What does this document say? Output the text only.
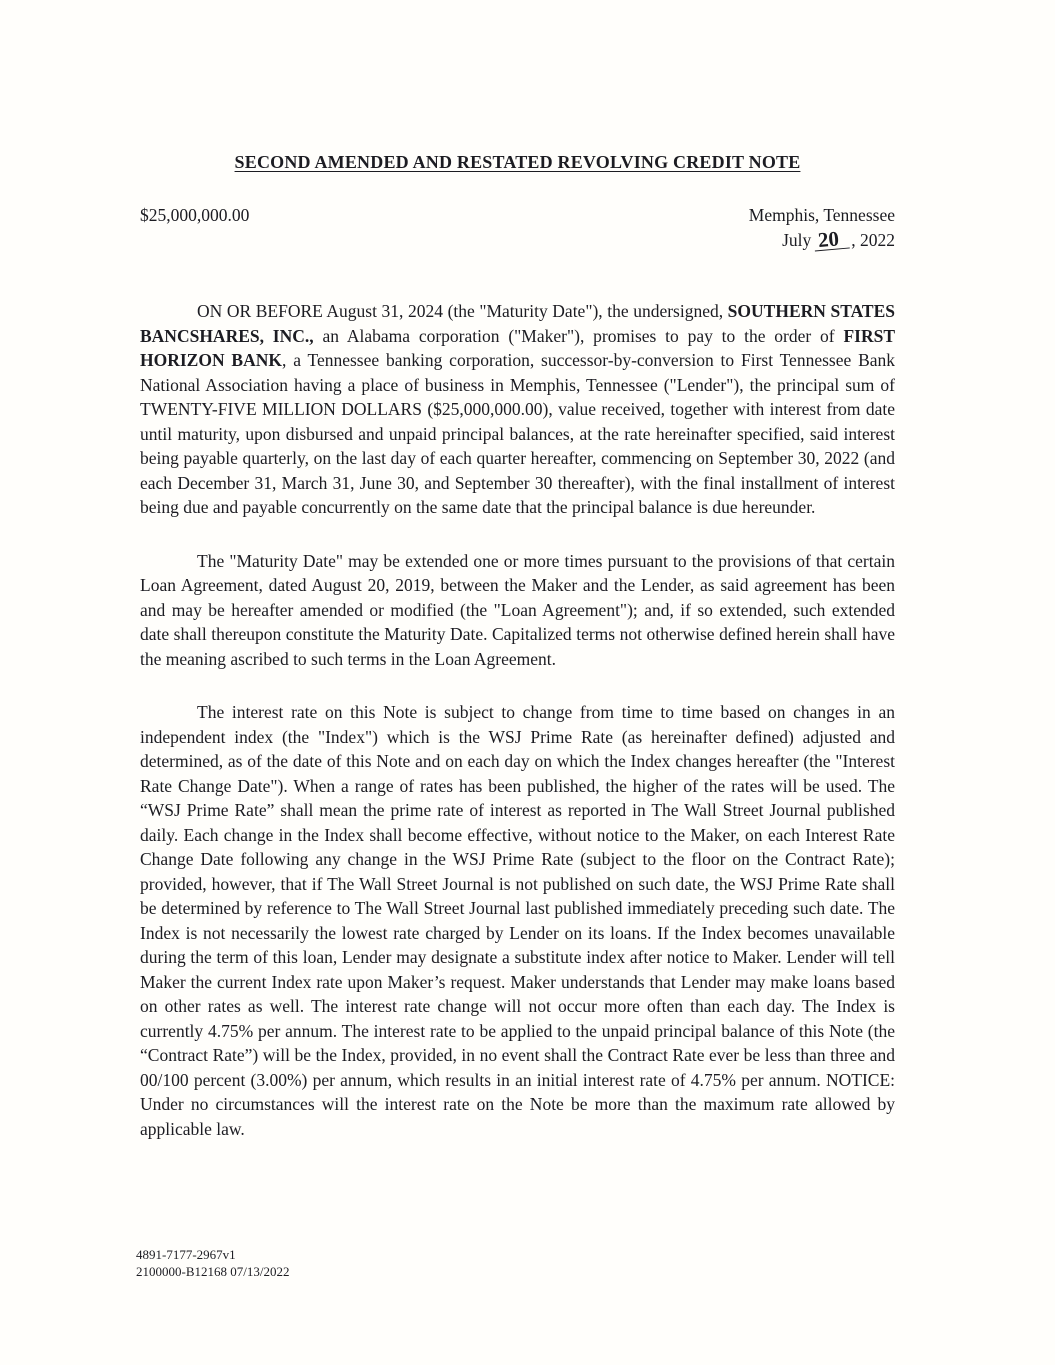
SECOND AMENDED AND RESTATED REVOLVING CREDIT NOTE
$25,000,000.00	Memphis, Tennessee
July 20 , 2022

ON OR BEFORE August 31, 2024 (the "Maturity Date"), the undersigned, SOUTHERN STATES BANCSHARES, INC., an Alabama corporation ("Maker"), promises to pay to the order of FIRST HORIZON BANK, a Tennessee banking corporation, successor-by-conversion to First Tennessee Bank National Association having a place of business in Memphis, Tennessee ("Lender"), the principal sum of TWENTY-FIVE MILLION DOLLARS ($25,000,000.00), value received, together with interest from date until maturity, upon disbursed and unpaid principal balances, at the rate hereinafter specified, said interest being payable quarterly, on the last day of each quarter hereafter, commencing on September 30, 2022 (and each December 31, March 31, June 30, and September 30 thereafter), with the final installment of interest being due and payable concurrently on the same date that the principal balance is due hereunder.

The "Maturity Date" may be extended one or more times pursuant to the provisions of that certain Loan Agreement, dated August 20, 2019, between the Maker and the Lender, as said agreement has been and may be hereafter amended or modified (the "Loan Agreement"); and, if so extended, such extended date shall thereupon constitute the Maturity Date. Capitalized terms not otherwise defined herein shall have the meaning ascribed to such terms in the Loan Agreement.

The interest rate on this Note is subject to change from time to time based on changes in an independent index (the "Index") which is the WSJ Prime Rate (as hereinafter defined) adjusted and determined, as of the date of this Note and on each day on which the Index changes hereafter (the "Interest Rate Change Date"). When a range of rates has been published, the higher of the rates will be used. The “WSJ Prime Rate” shall mean the prime rate of interest as reported in The Wall Street Journal published daily. Each change in the Index shall become effective, without notice to the Maker, on each Interest Rate Change Date following any change in the WSJ Prime Rate (subject to the floor on the Contract Rate); provided, however, that if The Wall Street Journal is not published on such date, the WSJ Prime Rate shall be determined by reference to The Wall Street Journal last published immediately preceding such date. The Index is not necessarily the lowest rate charged by Lender on its loans. If the Index becomes unavailable during the term of this loan, Lender may designate a substitute index after notice to Maker. Lender will tell Maker the current Index rate upon Maker’s request. Maker understands that Lender may make loans based on other rates as well. The interest rate change will not occur more often than each day. The Index is currently 4.75% per annum. The interest rate to be applied to the unpaid principal balance of this Note (the “Contract Rate”) will be the Index, provided, in no event shall the Contract Rate ever be less than three and 00/100 percent (3.00%) per annum, which results in an initial interest rate of 4.75% per annum. NOTICE: Under no circumstances will the interest rate on the Note be more than the maximum rate allowed by applicable law.

4891-7177-2967v1
2100000-B12168 07/13/2022
